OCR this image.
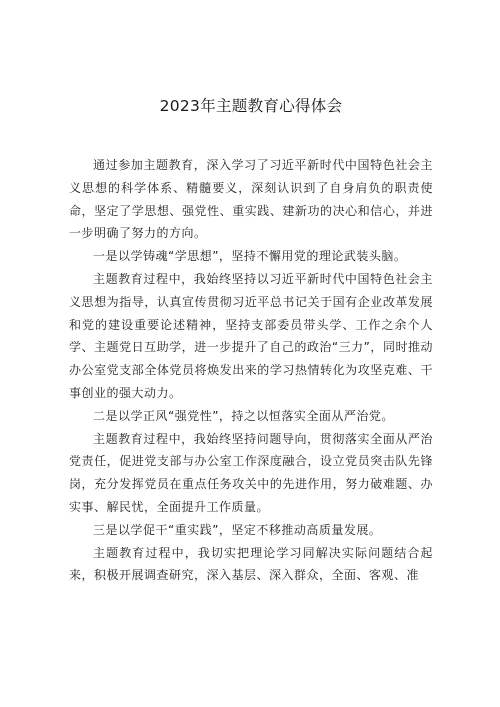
2023年主题教育心得体会

通过参加主题教育，深入学习了习近平新时代中国特色社会主义思想的科学体系、精髓要义，深刻认识到了自身肩负的职责使命，坚定了学思想、强党性、重实践、建新功的决心和信心，并进一步明确了努力的方向。

一是以学铸魂“学思想”，坚持不懈用党的理论武装头脑。

主题教育过程中，我始终坚持以习近平新时代中国特色社会主义思想为指导，认真宣传贯彻习近平总书记关于国有企业改革发展和党的建设重要论述精神，坚持支部委员带头学、工作之余个人学、主题党日互助学，进一步提升了自己的政治“三力”，同时推动办公室党支部全体党员将焕发出来的学习热情转化为攻坚克难、干事创业的强大动力。

二是以学正风“强党性”，持之以恒落实全面从严治党。

主题教育过程中，我始终坚持问题导向，贯彻落实全面从严治党责任，促进党支部与办公室工作深度融合，设立党员突击队先锋岗，充分发挥党员在重点任务攻关中的先进作用，努力破难题、办实事、解民忧，全面提升工作质量。

三是以学促干“重实践”，坚定不移推动高质量发展。

主题教育过程中，我切实把理论学习同解决实际问题结合起来，积极开展调查研究，深入基层、深入群众，全面、客观、准
